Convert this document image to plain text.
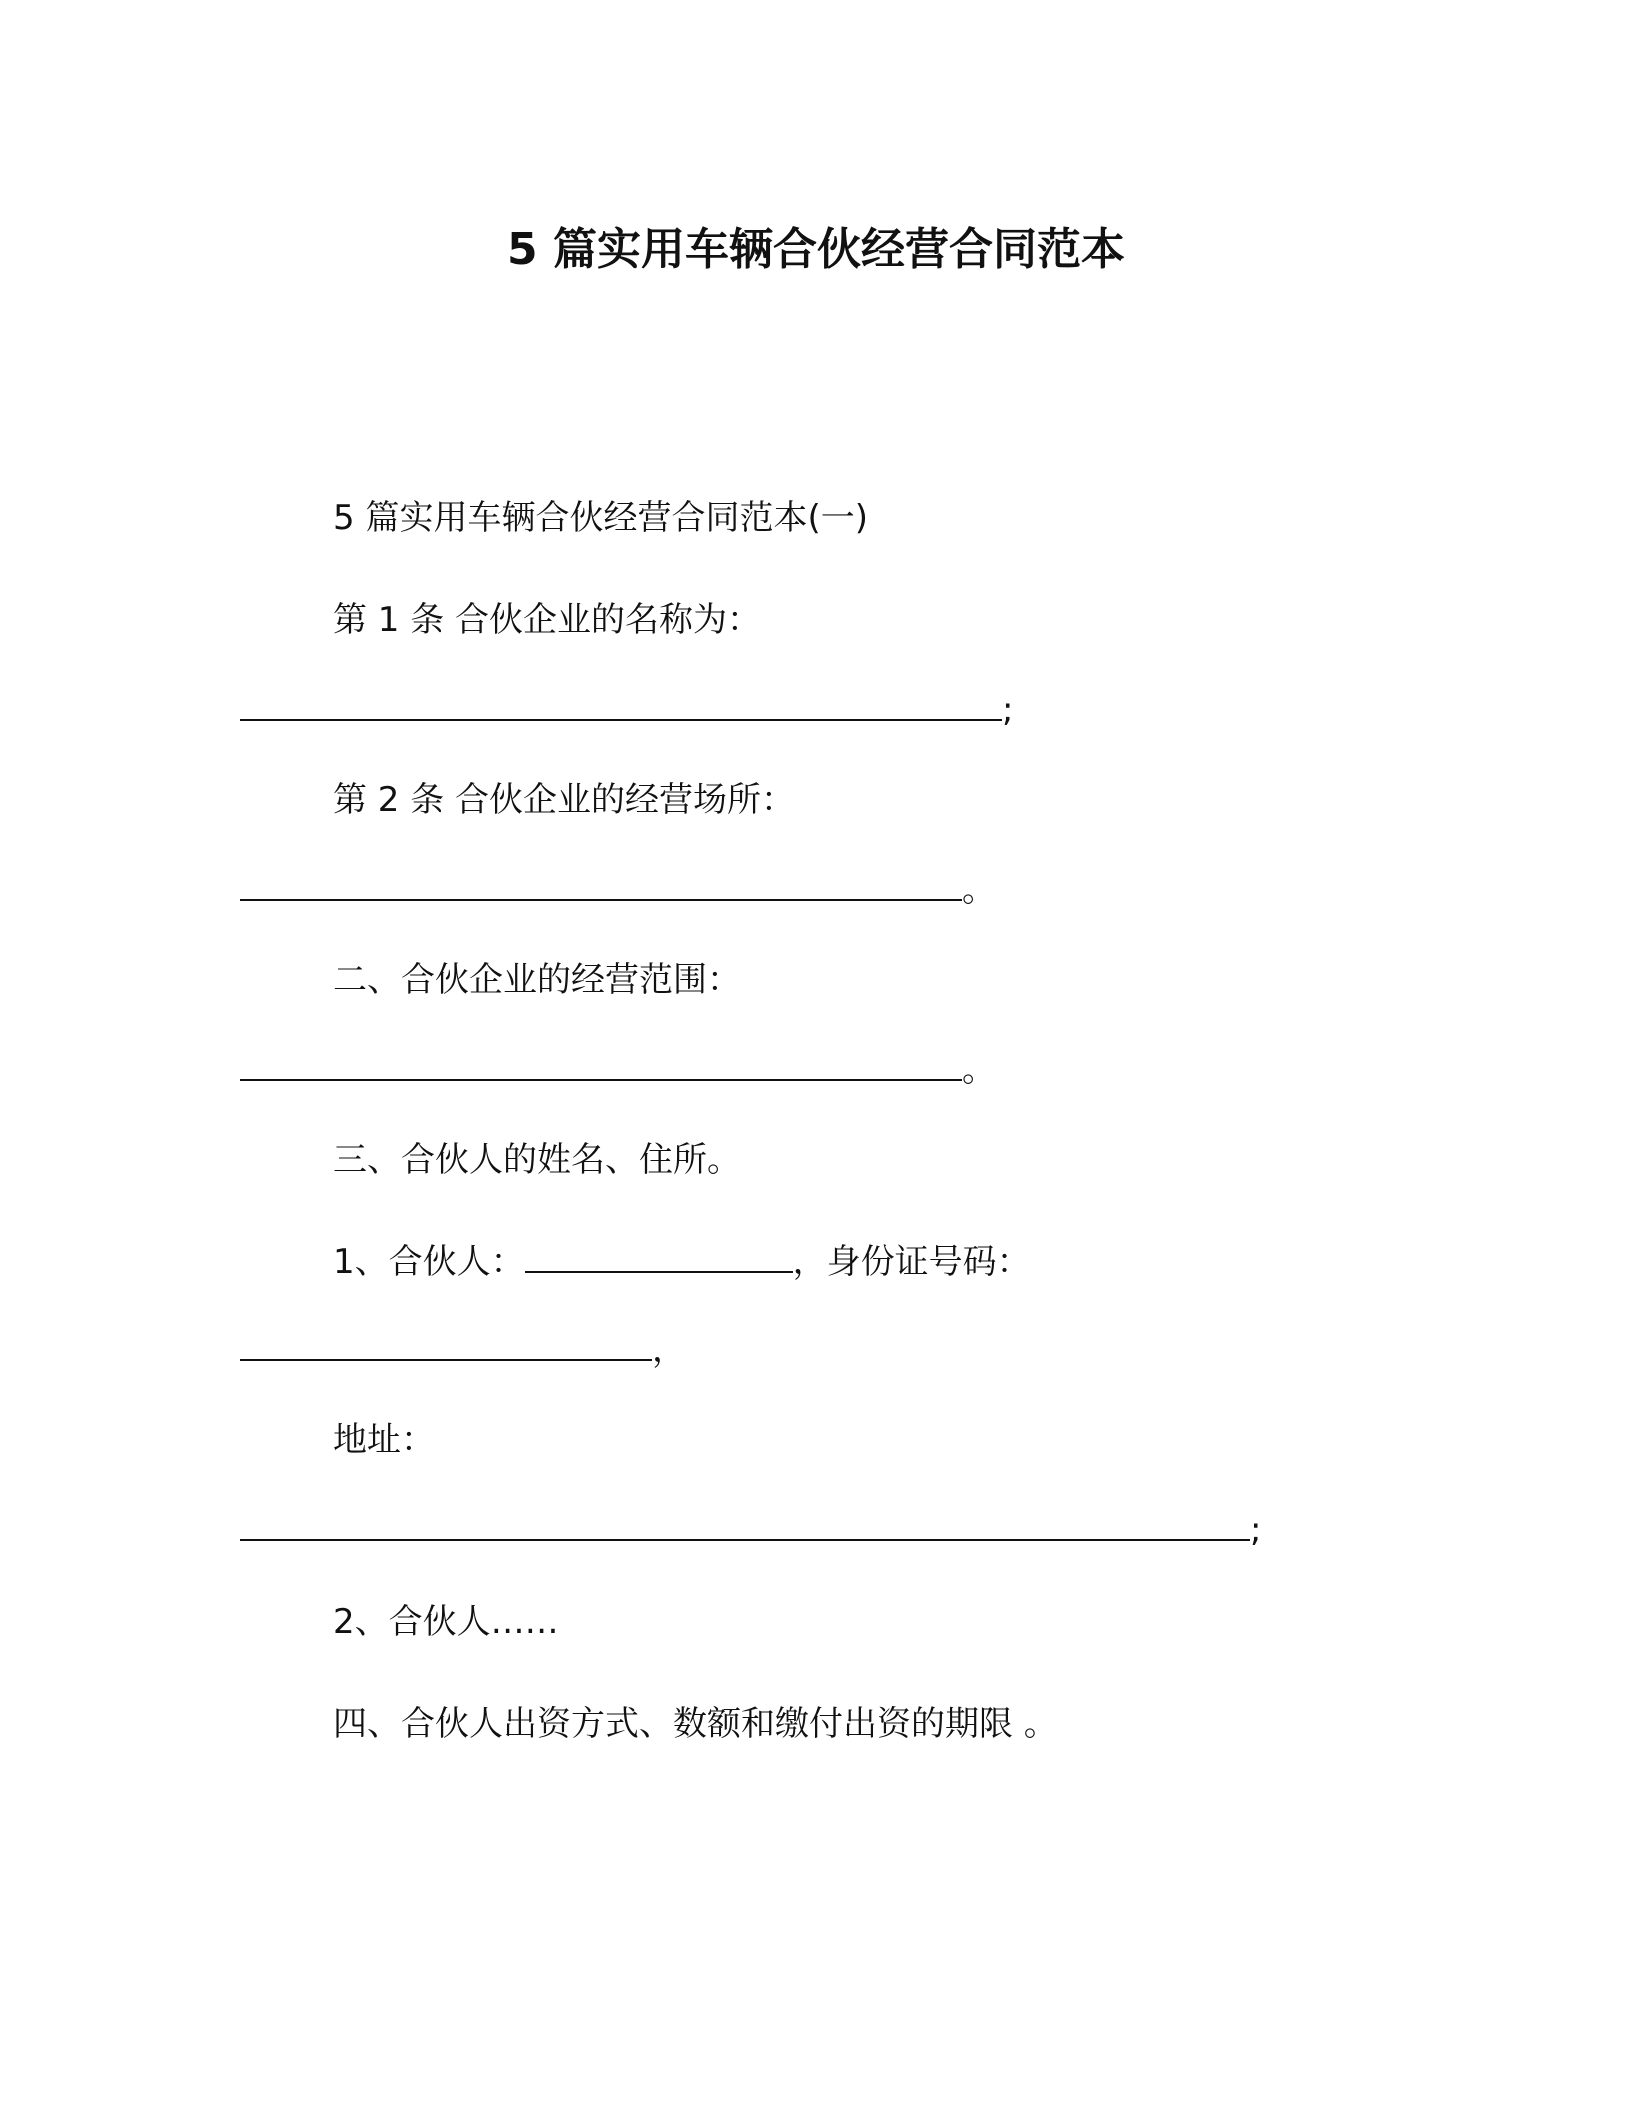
5 篇实用车辆合伙经营合同范本
5 篇实用车辆合伙经营合同范本(一)
第 1 条 合伙企业的名称为：
;
第 2 条 合伙企业的经营场所：
。
二、合伙企业的经营范围：
。
三、合伙人的姓名、住所。
1、合伙人：	，身份证号码：
，
地址：
;
2、合伙人……
四、合伙人出资方式、数额和缴付出资的期限 。
